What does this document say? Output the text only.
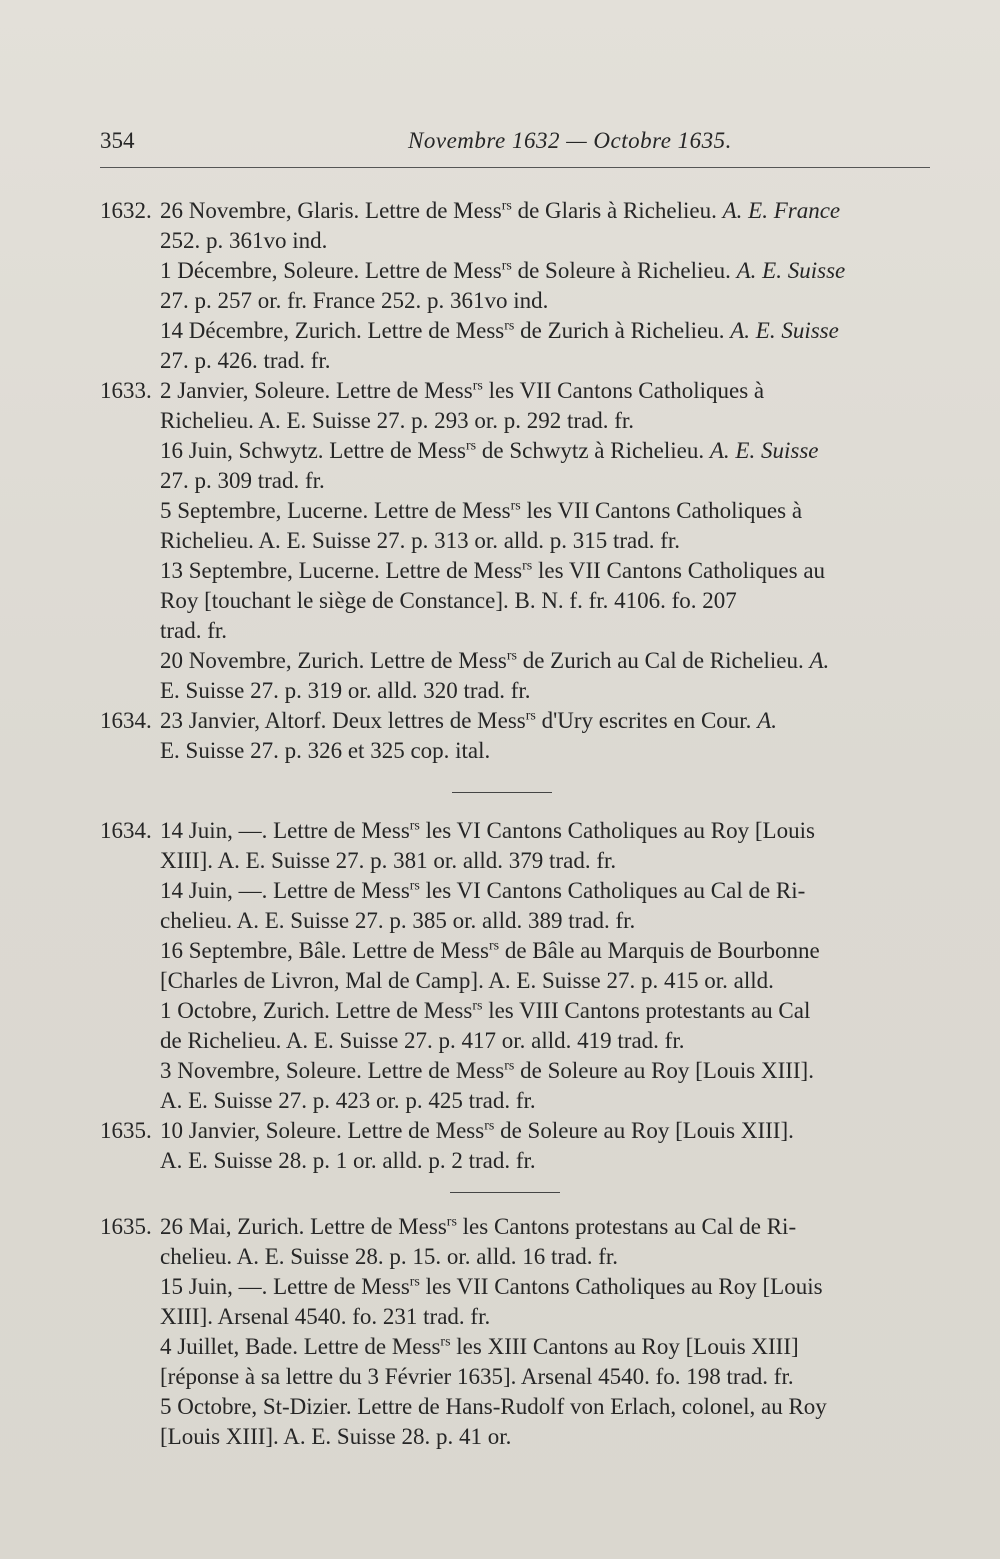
354	Novembre 1632 — Octobre 1635.
1632. 26 Novembre, Glaris. Lettre de Mess$^{rs}$ de Glaris à Richelieu. A. E. France
252. p. 361vo ind.
1 Décembre, Soleure. Lettre de Mess$^{rs}$ de Soleure à Richelieu. A. E. Suisse
27. p. 257 or. fr. France 252. p. 361vo ind.
14 Décembre, Zurich. Lettre de Mess$^{rs}$ de Zurich à Richelieu. A. E. Suisse
27. p. 426. trad. fr.
1633. 2 Janvier, Soleure. Lettre de Mess$^{rs}$ les VII Cantons Catholiques à
Richelieu. A. E. Suisse 27. p. 293 or. p. 292 trad. fr.
16 Juin, Schwytz. Lettre de Mess$^{rs}$ de Schwytz à Richelieu. A. E. Suisse
27. p. 309 trad. fr.
5 Septembre, Lucerne. Lettre de Mess$^{rs}$ les VII Cantons Catholiques à
Richelieu. A. E. Suisse 27. p. 313 or. alld. p. 315 trad. fr.
13 Septembre, Lucerne. Lettre de Mess$^{rs}$ les VII Cantons Catholiques au
Roy [touchant le siège de Constance]. B. N. f. fr. 4106. fo. 207
trad. fr.
20 Novembre, Zurich. Lettre de Mess$^{rs}$ de Zurich au Cal de Richelieu. A.
E. Suisse 27. p. 319 or. alld. 320 trad. fr.
1634. 23 Janvier, Altorf. Deux lettres de Mess$^{rs}$ d'Ury escrites en Cour. A.
E. Suisse 27. p. 326 et 325 cop. ital.
1634. 14 Juin, —. Lettre de Mess$^{rs}$ les VI Cantons Catholiques au Roy [Louis
XIII]. A. E. Suisse 27. p. 381 or. alld. 379 trad. fr.
14 Juin, —. Lettre de Mess$^{rs}$ les VI Cantons Catholiques au Cal de Ri-
chelieu. A. E. Suisse 27. p. 385 or. alld. 389 trad. fr.
16 Septembre, Bâle. Lettre de Mess$^{rs}$ de Bâle au Marquis de Bourbonne
[Charles de Livron, Mal de Camp]. A. E. Suisse 27. p. 415 or. alld.
1 Octobre, Zurich. Lettre de Mess$^{rs}$ les VIII Cantons protestants au Cal
de Richelieu. A. E. Suisse 27. p. 417 or. alld. 419 trad. fr.
3 Novembre, Soleure. Lettre de Mess$^{rs}$ de Soleure au Roy [Louis XIII].
A. E. Suisse 27. p. 423 or. p. 425 trad. fr.
1635. 10 Janvier, Soleure. Lettre de Mess$^{rs}$ de Soleure au Roy [Louis XIII].
A. E. Suisse 28. p. 1 or. alld. p. 2 trad. fr.
1635. 26 Mai, Zurich. Lettre de Mess$^{rs}$ les Cantons protestans au Cal de Ri-
chelieu. A. E. Suisse 28. p. 15. or. alld. 16 trad. fr.
15 Juin, —. Lettre de Mess$^{rs}$ les VII Cantons Catholiques au Roy [Louis
XIII]. Arsenal 4540. fo. 231 trad. fr.
4 Juillet, Bade. Lettre de Mess$^{rs}$ les XIII Cantons au Roy [Louis XIII]
[réponse à sa lettre du 3 Février 1635]. Arsenal 4540. fo. 198 trad. fr.
5 Octobre, St-Dizier. Lettre de Hans-Rudolf von Erlach, colonel, au Roy
[Louis XIII]. A. E. Suisse 28. p. 41 or.
